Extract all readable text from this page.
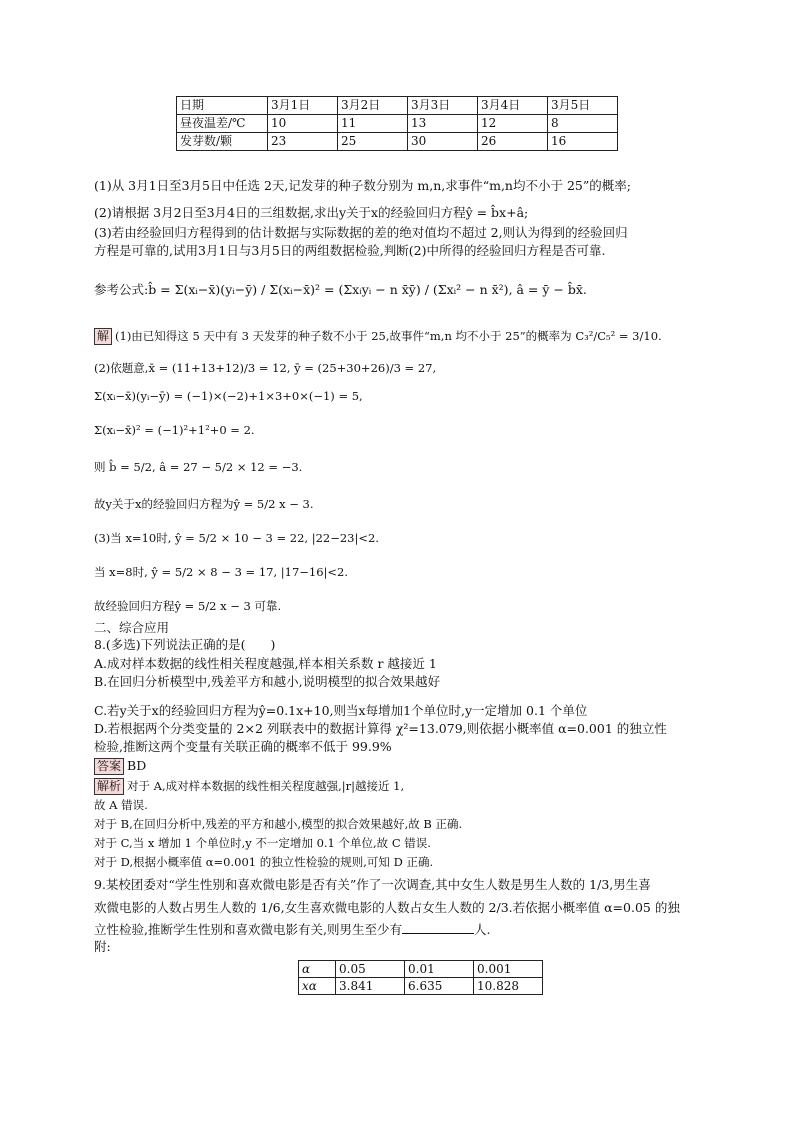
日期	3月1日	3月2日	3月3日	3月4日	3月5日
昼夜温差/℃	10	11	13	12	8
发芽数/颗	23	25	30	26	16
(1)从 3月1日至3月5日中任选 2天,记发芽的种子数分别为 m,n,求事件“m,n均不小于 25”的概率;
(2)请根据 3月2日至3月4日的三组数据,求出y关于x的经验回归方程ŷ = b̂x+â;
(3)若由经验回归方程得到的估计数据与实际数据的差的绝对值均不超过 2,则认为得到的经验回归
方程是可靠的,试用3月1日与3月5日的两组数据检验,判断(2)中所得的经验回归方程是否可靠.
参考公式:b̂ = Σ(xᵢ−x̄)(yᵢ−ȳ) / Σ(xᵢ−x̄)² = (Σxᵢyᵢ − n x̄ȳ) / (Σxᵢ² − n x̄²), â = ȳ − b̂x̄.
解 (1)由已知得这 5 天中有 3 天发芽的种子数不小于 25,故事件“m,n 均不小于 25”的概率为 C₃²/C₅² = 3/10.
(2)依题意,x̄ = (11+13+12)/3 = 12, ȳ = (25+30+26)/3 = 27,
Σ(xᵢ−x̄)(yᵢ−ȳ) = (−1)×(−2)+1×3+0×(−1) = 5,
Σ(xᵢ−x̄)² = (−1)²+1²+0 = 2.
则 b̂ = 5/2, â = 27 − 5/2 × 12 = −3.
故y关于x的经验回归方程为ŷ = 5/2 x − 3.
(3)当 x=10时, ŷ = 5/2 × 10 − 3 = 22, |22−23|<2.
当 x=8时, ŷ = 5/2 × 8 − 3 = 17, |17−16|<2.
故经验回归方程ŷ = 5/2 x − 3 可靠.
二、综合应用
8.(多选)下列说法正确的是(　　)
A.成对样本数据的线性相关程度越强,样本相关系数 r 越接近 1
B.在回归分析模型中,残差平方和越小,说明模型的拟合效果越好
C.若y关于x的经验回归方程为ŷ=0.1x+10,则当x每增加1个单位时,y一定增加 0.1 个单位
D.若根据两个分类变量的 2×2 列联表中的数据计算得 χ²=13.079,则依据小概率值 α=0.001 的独立性
检验,推断这两个变量有关联正确的概率不低于 99.9%
答案 BD
解析 对于 A,成对样本数据的线性相关程度越强,|r|越接近 1,
故 A 错误.
对于 B,在回归分析中,残差的平方和越小,模型的拟合效果越好,故 B 正确.
对于 C,当 x 增加 1 个单位时,y 不一定增加 0.1 个单位,故 C 错误.
对于 D,根据小概率值 α=0.001 的独立性检验的规则,可知 D 正确.
9.某校团委对“学生性别和喜欢微电影是否有关”作了一次调查,其中女生人数是男生人数的 1/3,男生喜
欢微电影的人数占男生人数的 1/6,女生喜欢微电影的人数占女生人数的 2/3.若依据小概率值 α=0.05 的独
立性检验,推断学生性别和喜欢微电影有关,则男生至少有	人.
附:
α	0.05	0.01	0.001
xα	3.841	6.635	10.828
